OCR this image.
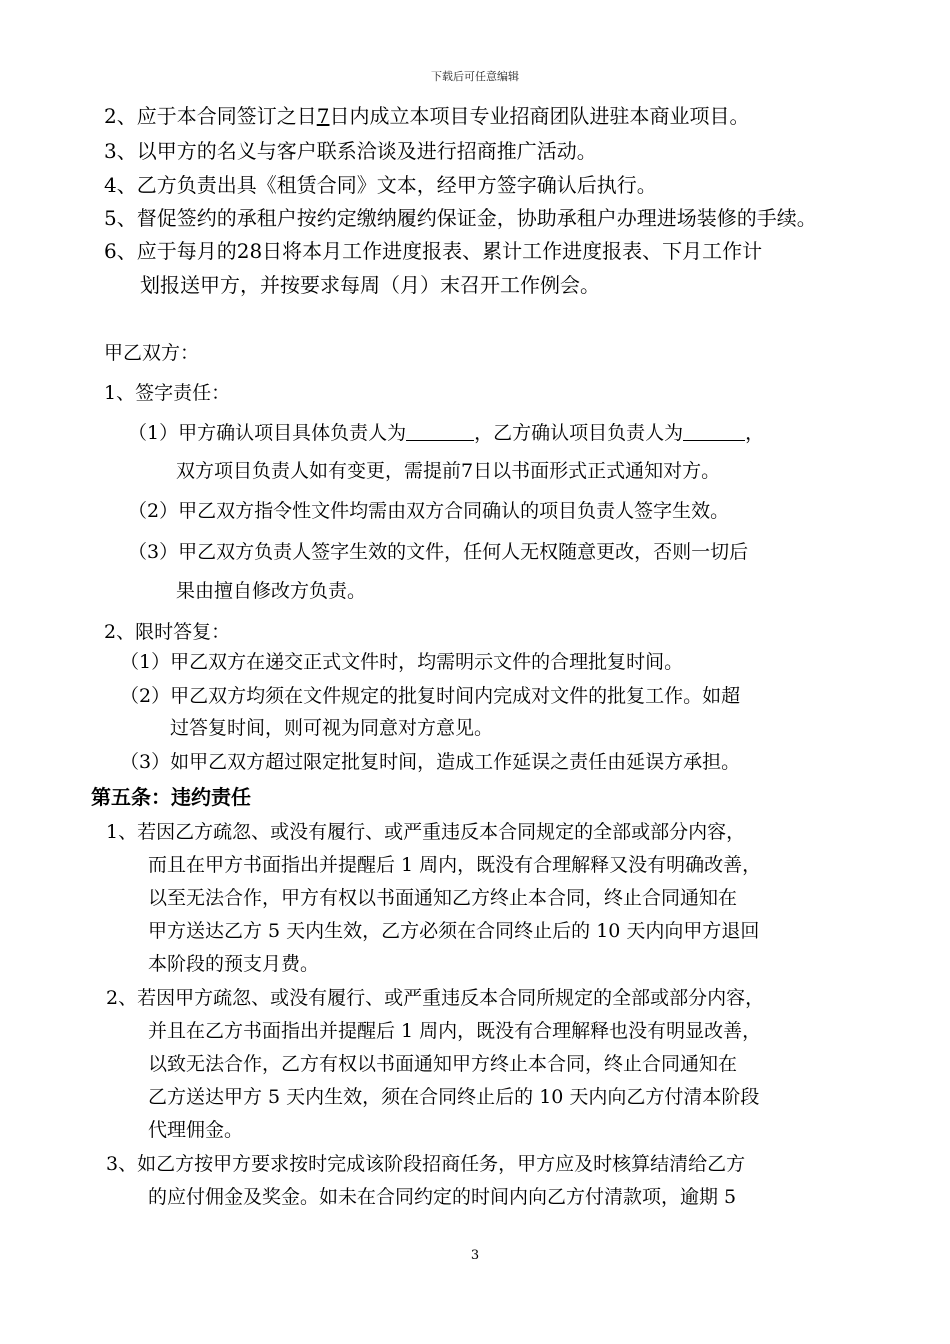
下载后可任意编辑
2、应于本合同签订之日7日内成立本项目专业招商团队进驻本商业项目。
3、以甲方的名义与客户联系洽谈及进行招商推广活动。
4、乙方负责出具《租赁合同》文本，经甲方签字确认后执行。
5、督促签约的承租户按约定缴纳履约保证金，协助承租户办理进场装修的手续。
6、应于每月的28日将本月工作进度报表、累计工作进度报表、下月工作计
划报送甲方，并按要求每周（月）末召开工作例会。
甲乙双方：
1、签字责任：
（1）甲方确认项目具体负责人为	，乙方确认项目负责人为	，
双方项目负责人如有变更，需提前7日以书面形式正式通知对方。
（2）甲乙双方指令性文件均需由双方合同确认的项目负责人签字生效。
（3）甲乙双方负责人签字生效的文件，任何人无权随意更改，否则一切后
果由擅自修改方负责。
2、限时答复：
（1）甲乙双方在递交正式文件时，均需明示文件的合理批复时间。
（2）甲乙双方均须在文件规定的批复时间内完成对文件的批复工作。如超
过答复时间，则可视为同意对方意见。
（3）如甲乙双方超过限定批复时间，造成工作延误之责任由延误方承担。
第五条：违约责任
1、若因乙方疏忽、或没有履行、或严重违反本合同规定的全部或部分内容，
而且在甲方书面指出并提醒后 1 周内，既没有合理解释又没有明确改善，
以至无法合作，甲方有权以书面通知乙方终止本合同，终止合同通知在
甲方送达乙方 5 天内生效，乙方必须在合同终止后的 10 天内向甲方退回
本阶段的预支月费。
2、若因甲方疏忽、或没有履行、或严重违反本合同所规定的全部或部分内容，
并且在乙方书面指出并提醒后 1 周内，既没有合理解释也没有明显改善，
以致无法合作，乙方有权以书面通知甲方终止本合同，终止合同通知在
乙方送达甲方 5 天内生效，须在合同终止后的 10 天内向乙方付清本阶段
代理佣金。
3、如乙方按甲方要求按时完成该阶段招商任务，甲方应及时核算结清给乙方
的应付佣金及奖金。如未在合同约定的时间内向乙方付清款项，逾期 5
3
